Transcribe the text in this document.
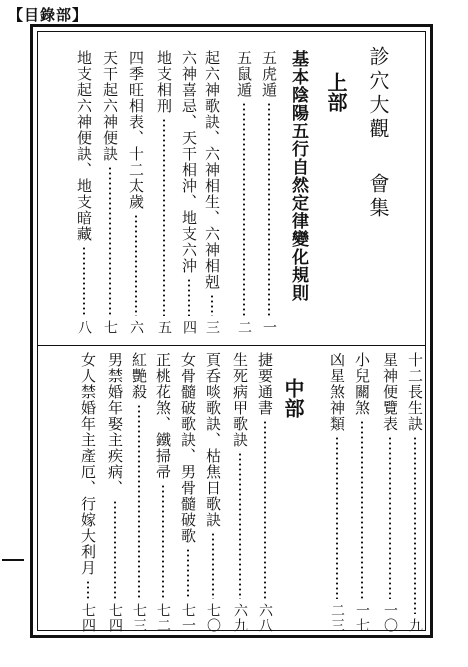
【目錄部】
診穴大觀
會集
上部
基本陰陽五行自然定律變化規則
五虎遁
一
五鼠遁
二
起六神歌訣、六神相生、六神相剋
三
六神喜忌、天干相沖、地支六沖
四
地支相刑
五
四季旺相表、十二太歲
六
天干起六神便訣
七
地支起六神便訣、地支暗藏
八
中部	十二長生訣
九
星神便覽表
一〇
小兒關煞
一七
凶星煞神類
二三
捷要通書
六八
生死病甲歌訣
六九
頁呑啖歌訣、枯焦日歌訣
七〇
女骨髓破歌訣、男骨髓破歌
七一
正桃花煞、鐵掃帚
七二
紅艷殺
七三
男禁婚年娶主疾病、
七四
女人禁婚年主產厄、行嫁大利月
七四
